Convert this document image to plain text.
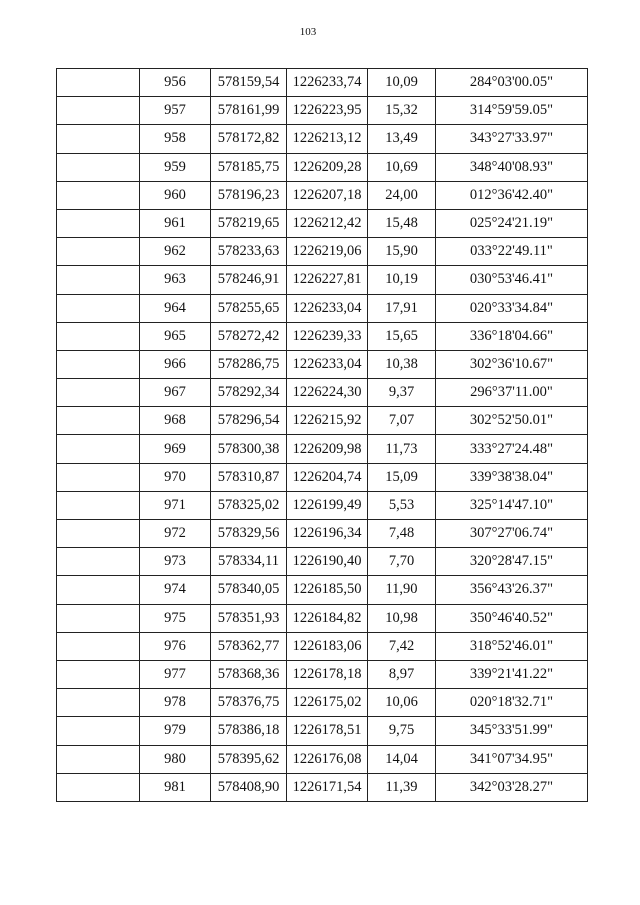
103
	956	578159,54	1226233,74	10,09	284°03'00.05"
	957	578161,99	1226223,95	15,32	314°59'59.05"
	958	578172,82	1226213,12	13,49	343°27'33.97"
	959	578185,75	1226209,28	10,69	348°40'08.93"
	960	578196,23	1226207,18	24,00	012°36'42.40"
	961	578219,65	1226212,42	15,48	025°24'21.19"
	962	578233,63	1226219,06	15,90	033°22'49.11"
	963	578246,91	1226227,81	10,19	030°53'46.41"
	964	578255,65	1226233,04	17,91	020°33'34.84"
	965	578272,42	1226239,33	15,65	336°18'04.66"
	966	578286,75	1226233,04	10,38	302°36'10.67"
	967	578292,34	1226224,30	9,37	296°37'11.00"
	968	578296,54	1226215,92	7,07	302°52'50.01"
	969	578300,38	1226209,98	11,73	333°27'24.48"
	970	578310,87	1226204,74	15,09	339°38'38.04"
	971	578325,02	1226199,49	5,53	325°14'47.10"
	972	578329,56	1226196,34	7,48	307°27'06.74"
	973	578334,11	1226190,40	7,70	320°28'47.15"
	974	578340,05	1226185,50	11,90	356°43'26.37"
	975	578351,93	1226184,82	10,98	350°46'40.52"
	976	578362,77	1226183,06	7,42	318°52'46.01"
	977	578368,36	1226178,18	8,97	339°21'41.22"
	978	578376,75	1226175,02	10,06	020°18'32.71"
	979	578386,18	1226178,51	9,75	345°33'51.99"
	980	578395,62	1226176,08	14,04	341°07'34.95"
	981	578408,90	1226171,54	11,39	342°03'28.27"
